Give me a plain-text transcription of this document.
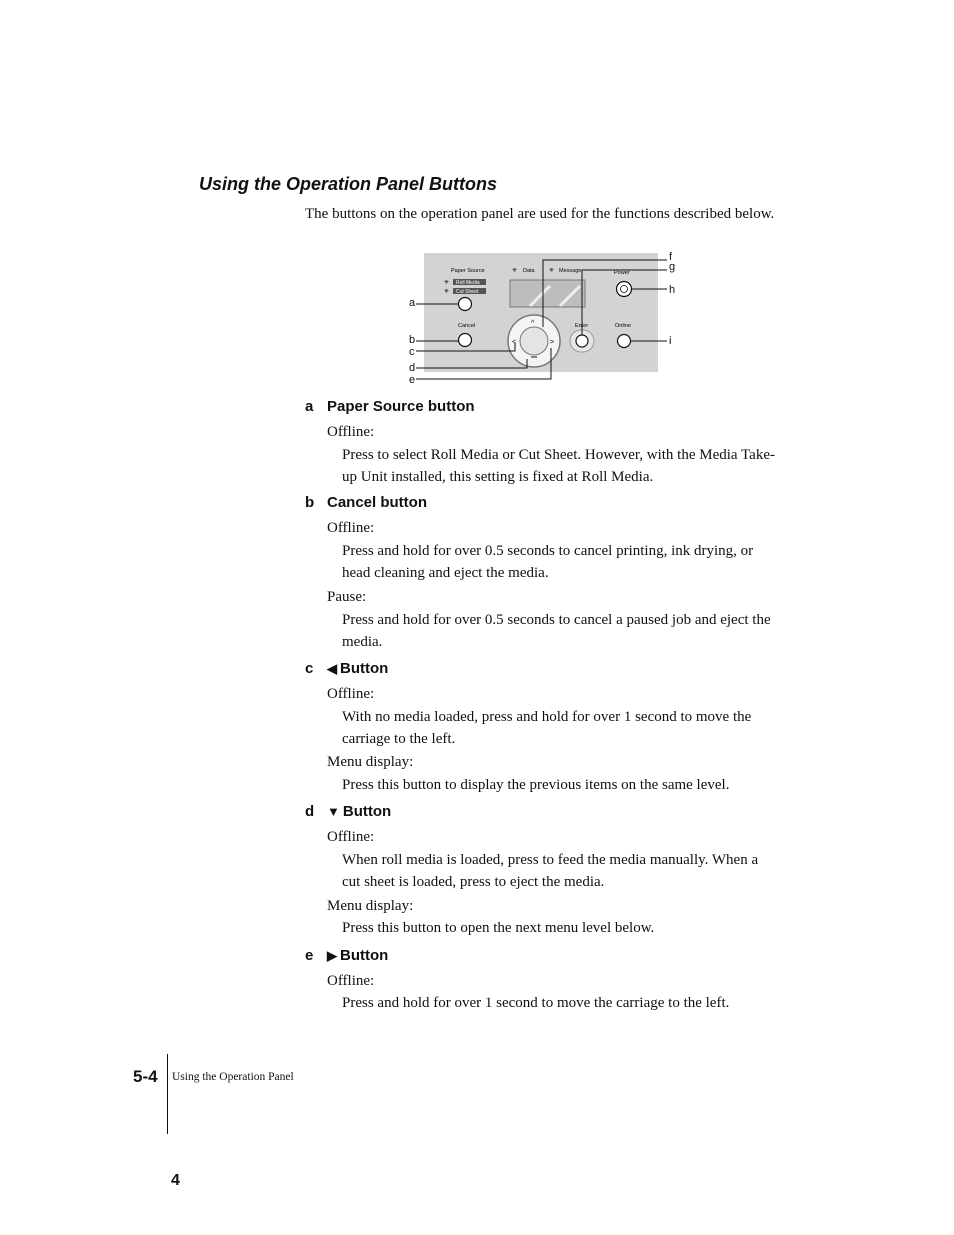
Using the Operation Panel Buttons
The buttons on the operation panel are used for the functions described below.
Paper Source
✳
✳
Roll Media
Cut Sheet
✳ Data ✳ Message	Power
Cancel	^
<	>
Enter	Online
a
b
c
d
e
f
g
h
i
a Paper Source button
Offline:
Press to select Roll Media or Cut Sheet. However, with the Media Take-up Unit installed, this setting is fixed at Roll Media.
b Cancel button
Offline:
Press and hold for over 0.5 seconds to cancel printing, ink drying, or head cleaning and eject the media.
Pause:
Press and hold for over 0.5 seconds to cancel a paused job and eject the media.
c ◀ Button
Offline:
With no media loaded, press and hold for over 1 second to move the carriage to the left.
Menu display:
Press this button to display the previous items on the same level.
d ▼ Button
Offline:
When roll media is loaded, press to feed the media manually. When a cut sheet is loaded, press to eject the media.
Menu display:
Press this button to open the next menu level below.
e ▶ Button
Offline:
Press and hold for over 1 second to move the carriage to the left.
5-4 Using the Operation Panel
4
